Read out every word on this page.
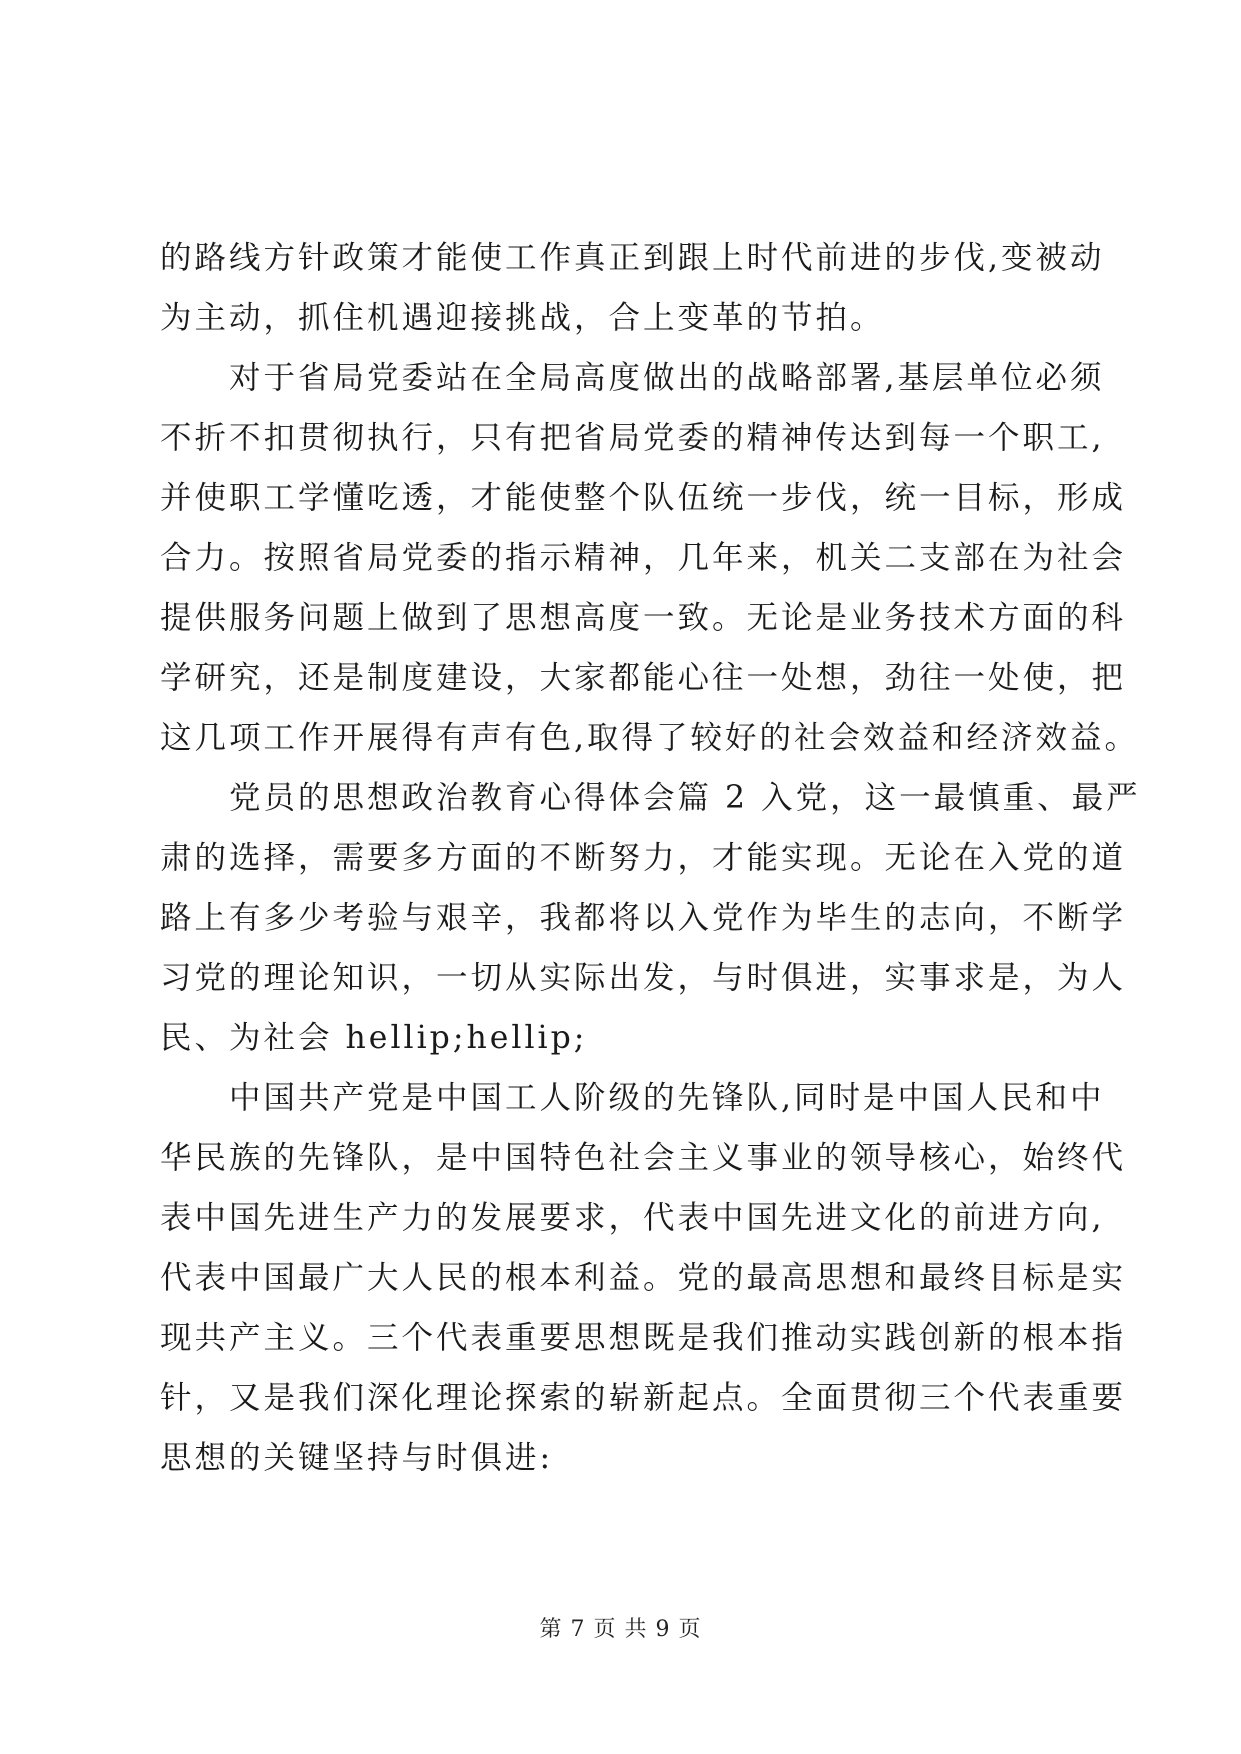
的路线方针政策才能使工作真正到跟上时代前进的步伐,变被动
为主动，抓住机遇迎接挑战，合上变革的节拍。
　　对于省局党委站在全局高度做出的战略部署,基层单位必须
不折不扣贯彻执行，只有把省局党委的精神传达到每一个职工,
并使职工学懂吃透，才能使整个队伍统一步伐，统一目标，形成
合力。按照省局党委的指示精神，几年来，机关二支部在为社会
提供服务问题上做到了思想高度一致。无论是业务技术方面的科
学研究，还是制度建设，大家都能心往一处想，劲往一处使，把
这几项工作开展得有声有色,取得了较好的社会效益和经济效益。
　　党员的思想政治教育心得体会篇 2 入党，这一最慎重、最严
肃的选择，需要多方面的不断努力，才能实现。无论在入党的道
路上有多少考验与艰辛，我都将以入党作为毕生的志向，不断学
习党的理论知识，一切从实际出发，与时俱进，实事求是，为人
民、为社会 hellip;hellip;
　　中国共产党是中国工人阶级的先锋队,同时是中国人民和中
华民族的先锋队，是中国特色社会主义事业的领导核心，始终代
表中国先进生产力的发展要求，代表中国先进文化的前进方向,
代表中国最广大人民的根本利益。党的最高思想和最终目标是实
现共产主义。三个代表重要思想既是我们推动实践创新的根本指
针，又是我们深化理论探索的崭新起点。全面贯彻三个代表重要
思想的关键坚持与时俱进:
第 7 页 共 9 页
